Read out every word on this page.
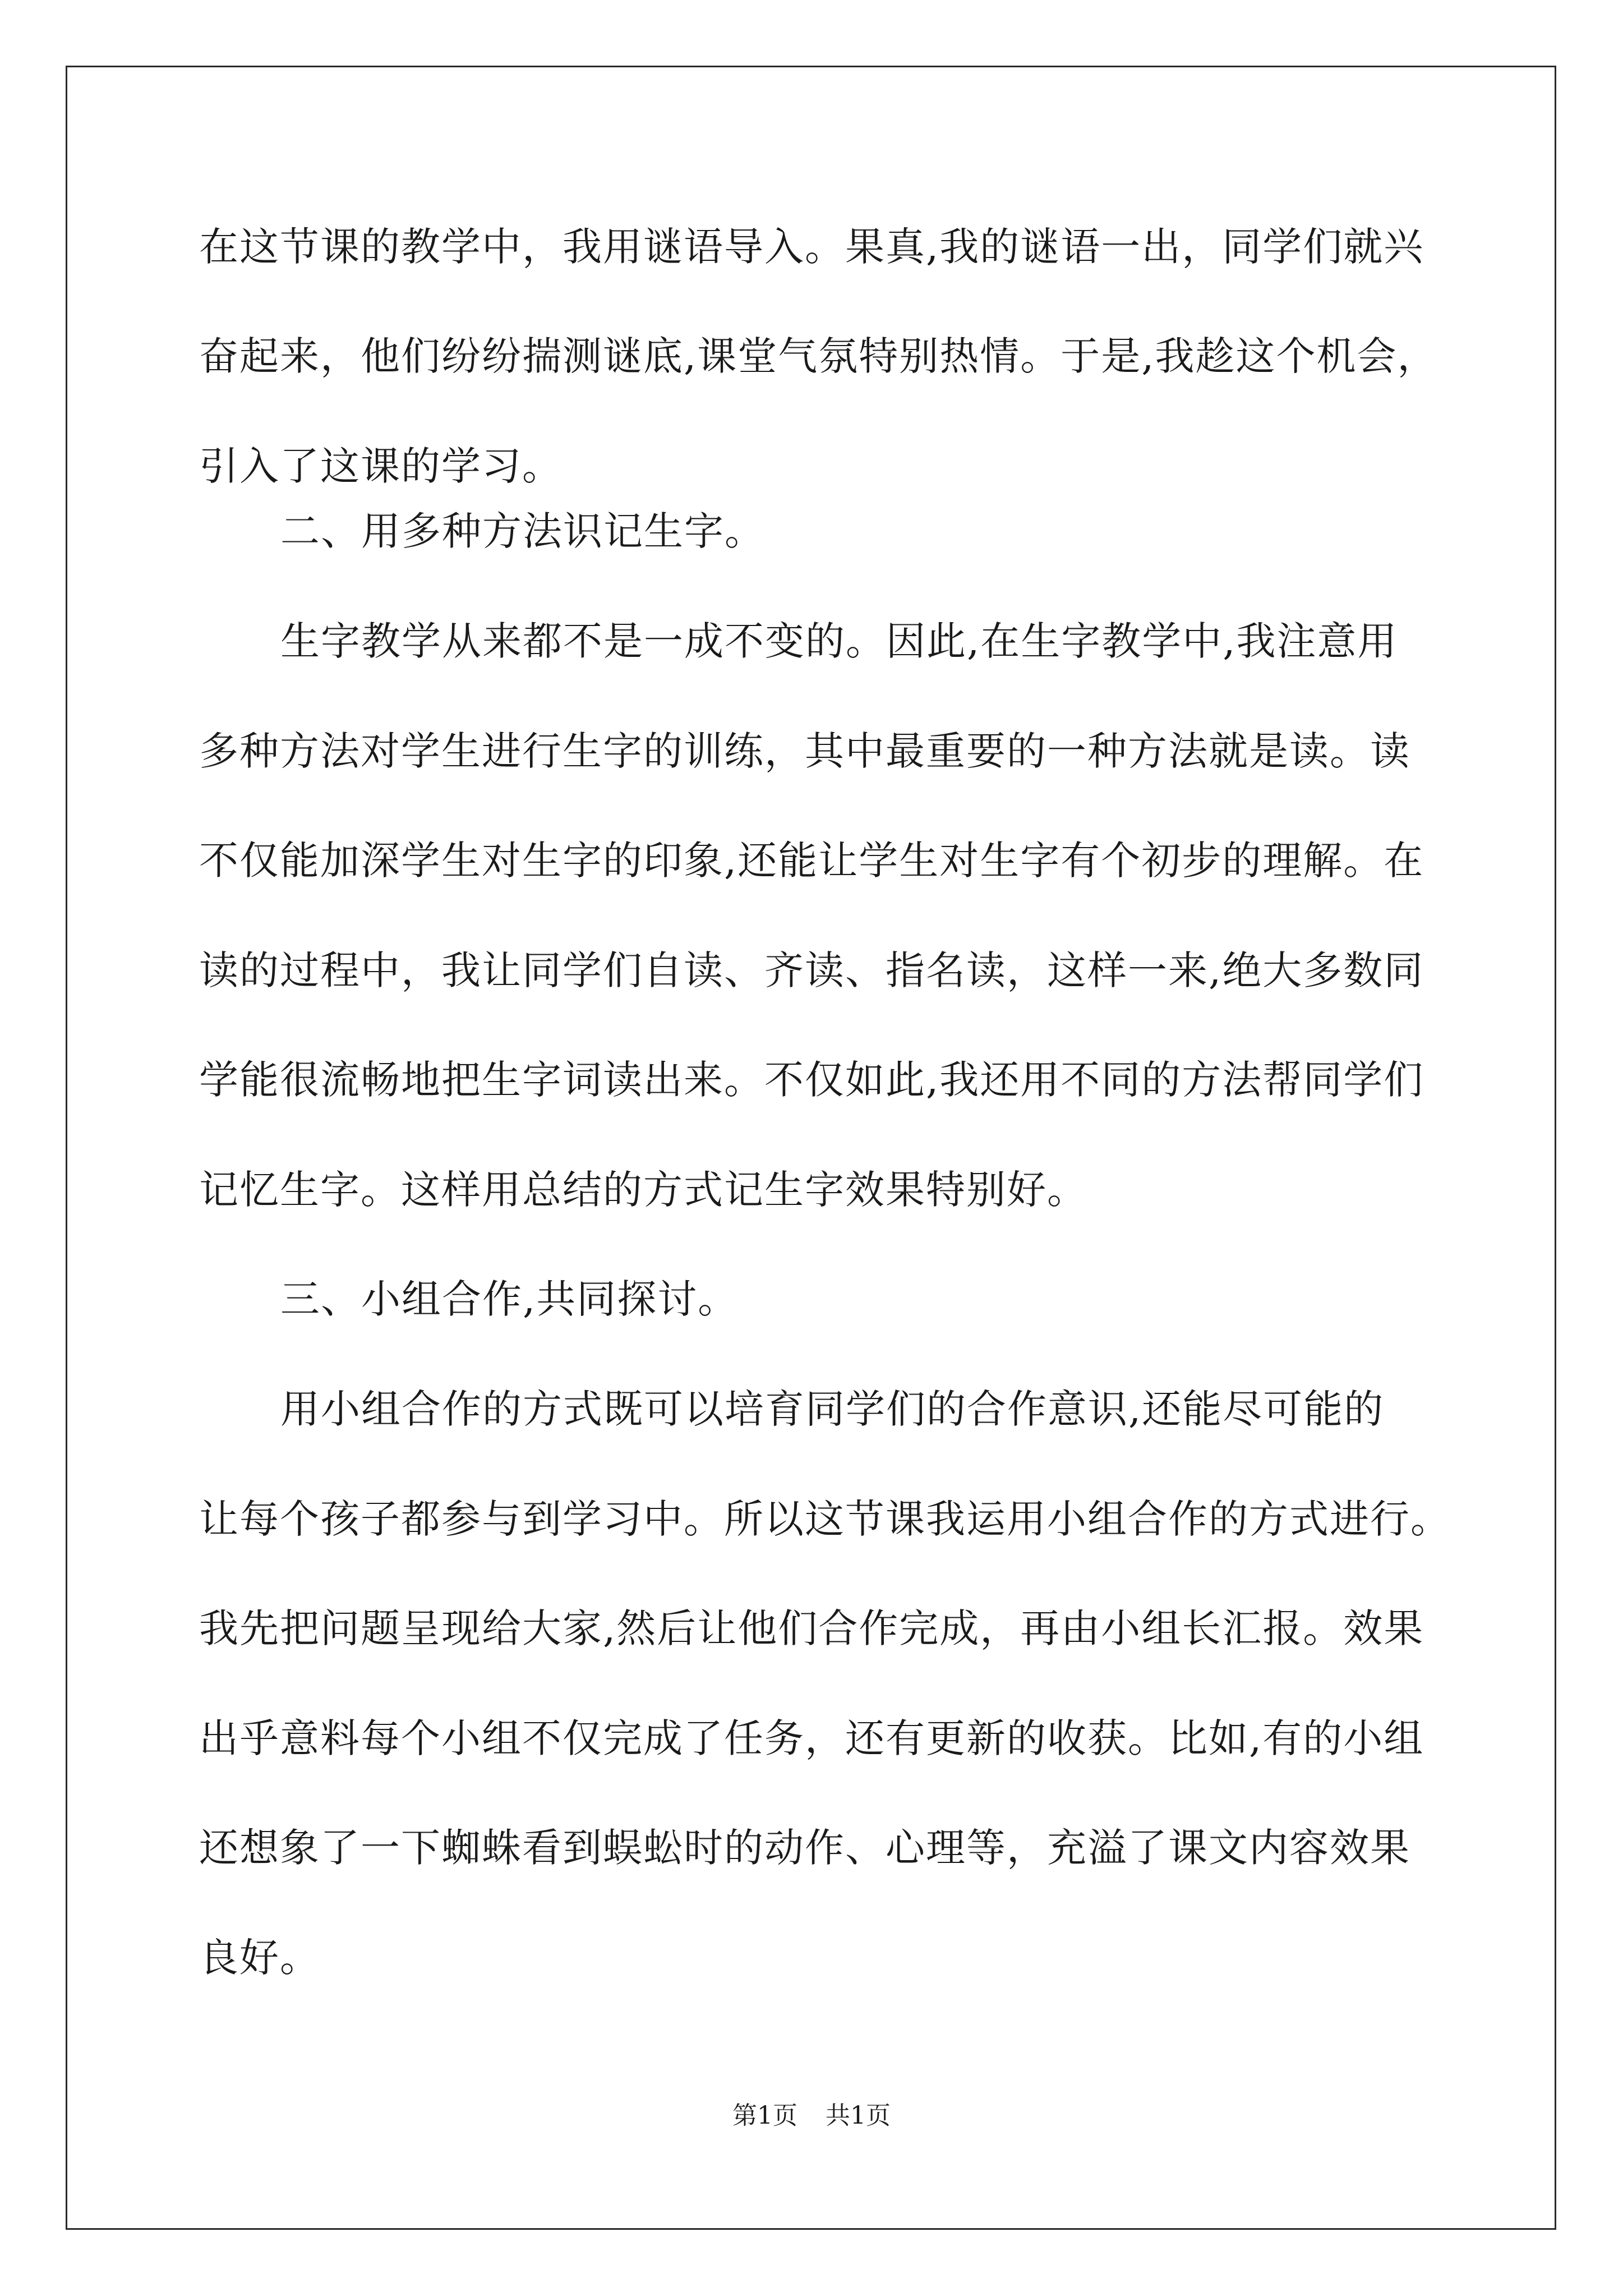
在这节课的教学中，我用谜语导入。果真,我的谜语一出，同学们就兴
奋起来，他们纷纷揣测谜底,课堂气氛特别热情。于是,我趁这个机会，
引入了这课的学习。
二、用多种方法识记生字。
生字教学从来都不是一成不变的。因此,在生字教学中,我注意用
多种方法对学生进行生字的训练，其中最重要的一种方法就是读。读
不仅能加深学生对生字的印象,还能让学生对生字有个初步的理解。在
读的过程中，我让同学们自读、齐读、指名读，这样一来,绝大多数同
学能很流畅地把生字词读出来。不仅如此,我还用不同的方法帮同学们
记忆生字。这样用总结的方式记生字效果特别好。
三、小组合作,共同探讨。
用小组合作的方式既可以培育同学们的合作意识,还能尽可能的
让每个孩子都参与到学习中。所以这节课我运用小组合作的方式进行。
我先把问题呈现给大家,然后让他们合作完成，再由小组长汇报。效果
出乎意料每个小组不仅完成了任务，还有更新的收获。比如,有的小组
还想象了一下蜘蛛看到蜈蚣时的动作、心理等，充溢了课文内容效果
良好。
第1页 共1页
